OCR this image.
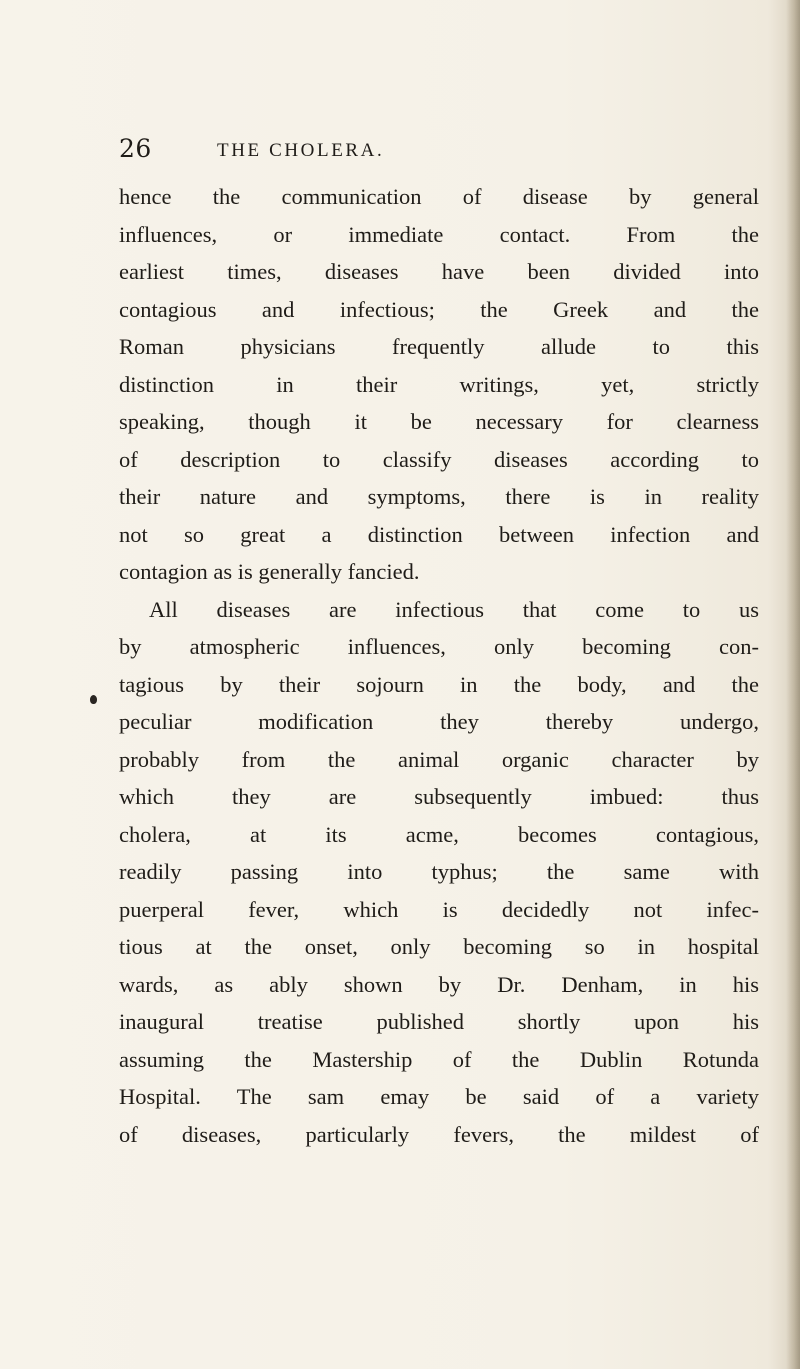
26	THE CHOLERA.
hence the communication of disease by general
influences, or immediate contact. From the
earliest times, diseases have been divided into
contagious and infectious; the Greek and the
Roman physicians frequently allude to this
distinction in their writings, yet, strictly
speaking, though it be necessary for clearness
of description to classify diseases according to
their nature and symptoms, there is in reality
not so great a distinction between infection and
contagion as is generally fancied.
All diseases are infectious that come to us
by atmospheric influences, only becoming con-
tagious by their sojourn in the body, and the
peculiar modification they thereby undergo,
probably from the animal organic character by
which they are subsequently imbued: thus
cholera, at its acme, becomes contagious,
readily passing into typhus; the same with
puerperal fever, which is decidedly not infec-
tious at the onset, only becoming so in hospital
wards, as ably shown by Dr. Denham, in his
inaugural treatise published shortly upon his
assuming the Mastership of the Dublin Rotunda
Hospital. The sam emay be said of a variety
of diseases, particularly fevers, the mildest of
